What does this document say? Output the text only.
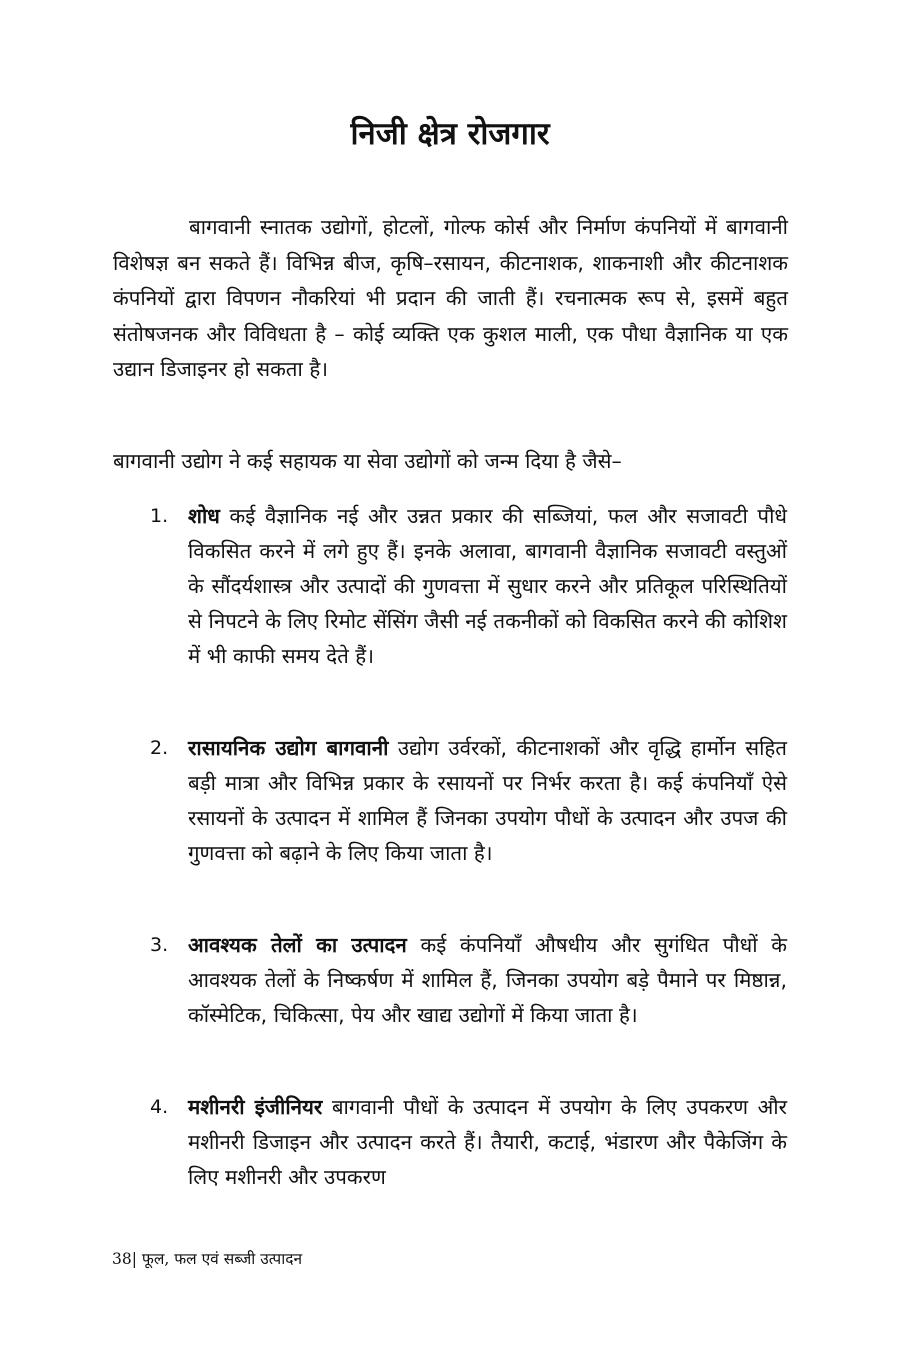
निजी क्षेत्र रोजगार

बागवानी स्नातक उद्योगों, होटलों, गोल्फ कोर्स और निर्माण कंपनियों में बागवानी विशेषज्ञ बन सकते हैं। विभिन्न बीज, कृषि–रसायन, कीटनाशक, शाकनाशी और कीटनाशक कंपनियों द्वारा विपणन नौकरियां भी प्रदान की जाती हैं। रचनात्मक रूप से, इसमें बहुत संतोषजनक और विविधता है – कोई व्यक्ति एक कुशल माली, एक पौधा वैज्ञानिक या एक उद्यान डिजाइनर हो सकता है।

बागवानी उद्योग ने कई सहायक या सेवा उद्योगों को जन्म दिया है जैसे–

1. शोध कई वैज्ञानिक नई और उन्नत प्रकार की सब्जियां, फल और सजावटी पौधे विकसित करने में लगे हुए हैं। इनके अलावा, बागवानी वैज्ञानिक सजावटी वस्तुओं के सौंदर्यशास्त्र और उत्पादों की गुणवत्ता में सुधार करने और प्रतिकूल परिस्थितियों से निपटने के लिए रिमोट सेंसिंग जैसी नई तकनीकों को विकसित करने की कोशिश में भी काफी समय देते हैं।

2. रासायनिक उद्योग बागवानी उद्योग उर्वरकों, कीटनाशकों और वृद्धि हार्मोन सहित बड़ी मात्रा और विभिन्न प्रकार के रसायनों पर निर्भर करता है। कई कंपनियाँ ऐसे रसायनों के उत्पादन में शामिल हैं जिनका उपयोग पौधों के उत्पादन और उपज की गुणवत्ता को बढ़ाने के लिए किया जाता है।

3. आवश्यक तेलों का उत्पादन कई कंपनियाँ औषधीय और सुगंधित पौधों के आवश्यक तेलों के निष्कर्षण में शामिल हैं, जिनका उपयोग बड़े पैमाने पर मिष्ठान्न, कॉस्मेटिक, चिकित्सा, पेय और खाद्य उद्योगों में किया जाता है।

4. मशीनरी इंजीनियर बागवानी पौधों के उत्पादन में उपयोग के लिए उपकरण और मशीनरी डिजाइन और उत्पादन करते हैं। तैयारी, कटाई, भंडारण और पैकेजिंग के लिए मशीनरी और उपकरण

38| फूल, फल एवं सब्जी उत्पादन
